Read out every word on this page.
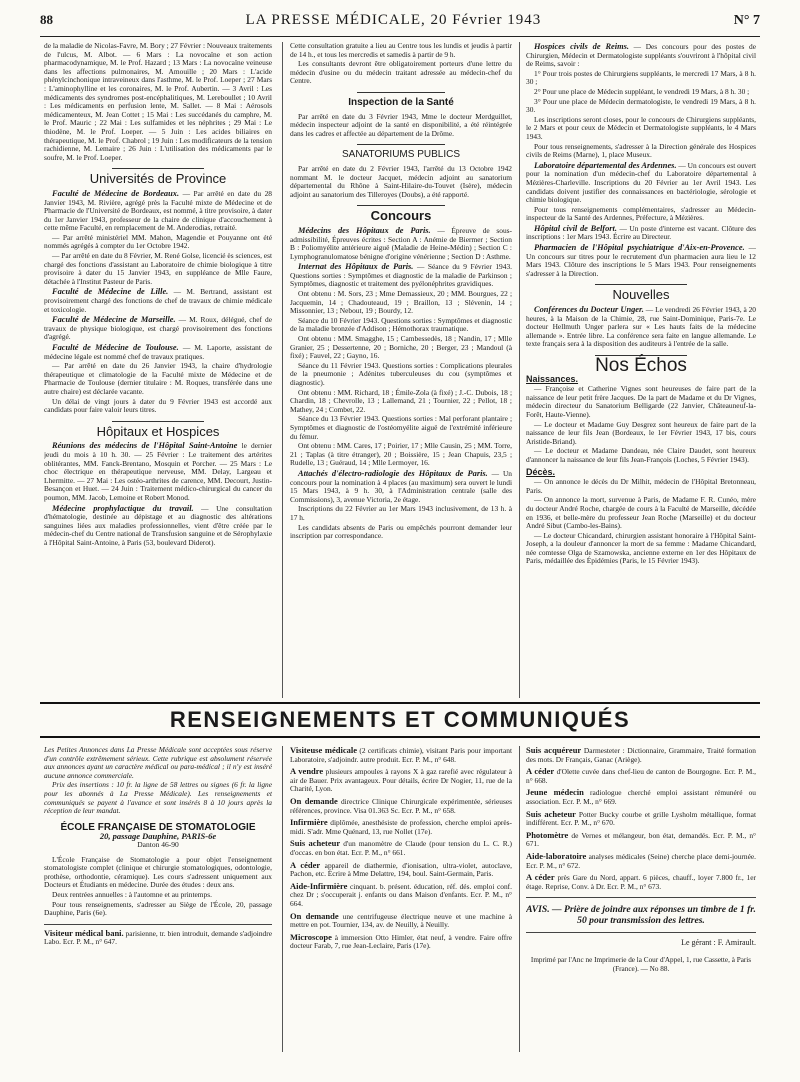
88	LA PRESSE MÉDICALE, 20 Février 1943	N° 7

de la maladie de Nicolas-Favre, M. Bory ; 27 Février : Nouveaux traitements de l'ulcus, M. Albot. — 6 Mars : La novocaïne et son action pharmacodynamique, M. le Prof. Hazard ; 13 Mars : La novocaïne veineuse dans les affections pulmonaires, M. Amouille ; 20 Mars : L'acide phénylcinchonique intraveineux dans l'asthme, M. le Prof. Loeper ; 27 Mars : L'aminophylline et les coronaires, M. le Prof. Aubertin. — 3 Avril : Les médicaments des syndromes post-encéphalitiques, M. Lereboullet ; 10 Avril : Les médicaments en perfusion lente, M. Sallet. — 8 Mai : Aérosols médicamenteux, M. Jean Cottet ; 15 Mai : Les succédanés du camphre, M. le Prof. Mauric ; 22 Mai : Les sulfamides et les néphrites ; 29 Mai : Le thiodène, M. le Prof. Loeper. — 5 Juin : Les acides biliaires en thérapeutique, M. le Prof. Chabrol ; 19 Juin : Les modificateurs de la tension rachidienne, M. Lemaire ; 26 Juin : L'utilisation des médicaments par le soufre, M. le Prof. Loeper.

Universités de Province

Faculté de Médecine de Bordeaux. — Par arrêté en date du 28 Janvier 1943, M. Rivière, agrégé près la Faculté mixte de Médecine et de Pharmacie de l'Université de Bordeaux, est nommé, à titre provisoire, à dater du 1er Janvier 1943, professeur de la chaire de clinique d'accouchement à cette même Faculté, en remplacement de M. Anderodias, retraité.

— Par arrêté ministériel MM. Mahon, Magendie et Pouyanne ont été nommés agrégés à compter du 1er Octobre 1942.

— Par arrêté en date du 8 Février, M. René Golse, licencié ès sciences, est chargé des fonctions d'assistant au Laboratoire de chimie biologique à titre provisoire à dater du 15 Janvier 1943, en suppléance de Mlle Faure, détachée à l'Institut Pasteur de Paris.

Faculté de Médecine de Lille. — M. Bertrand, assistant est provisoirement chargé des fonctions de chef de travaux de chimie médicale et toxicologie.

Faculté de Médecine de Marseille. — M. Roux, délégué, chef de travaux de physique biologique, est chargé provisoirement des fonctions d'agrégé.

Faculté de Médecine de Toulouse. — M. Laporte, assistant de médecine légale est nommé chef de travaux pratiques.

— Par arrêté en date du 26 Janvier 1943, la chaire d'hydrologie thérapeutique et climatologie de la Faculté mixte de Médecine et de Pharmacie de Toulouse (dernier titulaire : M. Roques, transférée dans une autre chaire) est déclarée vacante.

Un délai de vingt jours à dater du 9 Février 1943 est accordé aux candidats pour faire valoir leurs titres.

Hôpitaux et Hospices

Réunions des médecins de l'Hôpital Saint-Antoine le dernier jeudi du mois à 10 h. 30. — 25 Février : Le traitement des artérites oblitérantes, MM. Fanck-Brentano, Mosquin et Porcher. — 25 Mars : Le choc électrique en thérapeutique nerveuse, MM. Delay, Largeau et Lhermitte. — 27 Mai : Les ostéo-arthrites de carence, MM. Decourt, Justin-Besançon et Huet. — 24 Juin : Traitement médico-chirurgical du cancer du poumon, MM. Jacob, Lemoine et Robert Monod.

Médecine prophylactique du travail. — Une consultation d'hématologie, destinée au dépistage et au diagnostic des altérations sanguines liées aux maladies professionnelles, vient d'être créée par le médecin-chef du Centre national de Transfusion sanguine et de Sérophylaxie à l'Hôpital Saint-Antoine, à Paris (53, boulevard Diderot).

Cette consultation gratuite a lieu au Centre tous les lundis et jeudis à partir de 14 h., et tous les mercredis et samedis à partir de 9 h.

Les consultants devront être obligatoirement porteurs d'une lettre du médecin d'usine ou du médecin traitant adressée au médecin-chef du Centre.

Inspection de la Santé

Par arrêté en date du 3 Février 1943, Mme le docteur Merdguillet, médecin inspecteur adjoint de la santé en disponibilité, a été réintégrée dans les cadres et affectée au département de la Drôme.

SANATORIUMS PUBLICS

Par arrêté en date du 2 Février 1943, l'arrêté du 13 Octobre 1942 nommant M. le docteur Jacquet, médecin adjoint au sanatorium départemental du Rhône à Saint-Hilaire-du-Touvet (Isère), médecin adjoint au sanatorium des Tilleroyes (Doubs), a été rapporté.

Concours

Médecins des Hôpitaux de Paris. — Épreuve de sous-admissibilité, Épreuves écrites : Section A : Anémie de Biermer ; Section B : Poliomyélite antérieure aiguë (Maladie de Heine-Médin) ; Section C : Lymphogranulomatose bénigne d'origine vénérienne ; Section D : Asthme.

Internat des Hôpitaux de Paris. — Séance du 9 Février 1943. Questions sorties : Symptômes et diagnostic de la maladie de Parkinson ; Symptômes, diagnostic et traitement des pyélonéphrites gravidiques.

Ont obtenu : M. Sors, 23 ; Mme Demassieux, 20 ; MM. Bourgues, 22 ; Jacquemin, 14 ; Chadouteaud, 19 ; Braillon, 13 ; Slévenin, 14 ; Missonnier, 13 ; Nebout, 19 ; Bourdy, 12.

Séance du 10 Février 1943. Questions sorties : Symptômes et diagnostic de la maladie bronzée d'Addison ; Hémothorax traumatique.

Ont obtenu : MM. Smagghe, 15 ; Cambessedès, 18 ; Nandin, 17 ; Mlle Granier, 25 ; Dessertenne, 20 ; Borniche, 20 ; Berger, 23 ; Mandoul (à fixé) ; Fauvel, 22 ; Gayno, 16.

Séance du 11 Février 1943. Questions sorties : Complications pleurales de la pneumonie ; Adénites tuberculeuses du cou (symptômes et diagnostic).

Ont obtenu : MM. Richard, 18 ; Émile-Zola (à fixé) ; J.-C. Dubois, 18 ; Chardin, 18 ; Chevrolle, 13 ; Lallemand, 21 ; Tournier, 22 ; Pellot, 18 ; Mathey, 24 ; Combet, 22.

Séance du 13 Février 1943. Questions sorties : Mal perforant plantaire ; Symptômes et diagnostic de l'ostéomyélite aiguë de l'extrémité inférieure du fémur.

Ont obtenu : MM. Cares, 17 ; Poirier, 17 ; Mlle Causin, 25 ; MM. Torre, 21 ; Taplas (à titre étranger), 20 ; Boissière, 15 ; Jean Chapuis, 23,5 ; Rudelle, 13 ; Guéraud, 14 ; Mlle Lermoyer, 16.

Attachés d'électro-radiologie des Hôpitaux de Paris. — Un concours pour la nomination à 4 places (au maximum) sera ouvert le lundi 15 Mars 1943, à 9 h. 30, à l'Administration centrale (salle des Commissions), 3, avenue Victoria, 2e étage.

Inscriptions du 22 Février au 1er Mars 1943 inclusivement, de 13 h. à 17 h.

Les candidats absents de Paris ou empêchés pourront demander leur inscription par correspondance.

Hospices civils de Reims. — Des concours pour des postes de Chirurgien, Médecin et Dermatologiste suppléants s'ouvriront à l'hôpital civil de Reims, savoir :

1° Pour trois postes de Chirurgiens suppléants, le mercredi 17 Mars, à 8 h. 30 ;

2° Pour une place de Médecin suppléant, le vendredi 19 Mars, à 8 h. 30 ;

3° Pour une place de Médecin dermatologiste, le vendredi 19 Mars, à 8 h. 30.

Les inscriptions seront closes, pour le concours de Chirurgiens suppléants, le 2 Mars et pour ceux de Médecin et Dermatologiste suppléants, le 4 Mars 1943.

Pour tous renseignements, s'adresser à la Direction générale des Hospices civils de Reims (Marne), 1, place Museux.

Laboratoire départemental des Ardennes. — Un concours est ouvert pour la nomination d'un médecin-chef du Laboratoire départemental à Mézières-Charleville. Inscriptions du 20 Février au 1er Avril 1943. Les candidats doivent justifier des connaissances en bactériologie, sérologie et chimie biologique.

Pour tous renseignements complémentaires, s'adresser au Médecin-inspecteur de la Santé des Ardennes, Préfecture, à Mézières.

Hôpital civil de Belfort. — Un poste d'interne est vacant. Clôture des inscriptions : 1er Mars 1943. Écrire au Directeur.

Pharmacien de l'Hôpital psychiatrique d'Aix-en-Provence. — Un concours sur titres pour le recrutement d'un pharmacien aura lieu le 12 Mars 1943. Clôture des inscriptions le 5 Mars 1943. Pour renseignements s'adresser à la Direction.

Nouvelles

Conférences du Docteur Unger. — Le vendredi 26 Février 1943, à 20 heures, à la Maison de la Chimie, 28, rue Saint-Dominique, Paris-7e. Le docteur Hellmuth Unger parlera sur « Les hauts faits de la médecine allemande ». Entrée libre. La conférence sera faite en langue allemande. Le texte français sera à la disposition des auditeurs à l'entrée de la salle.

Nos Échos
Naissances.

— Françoise et Catherine Vignes sont heureuses de faire part de la naissance de leur petit frère Jacques. De la part de Madame et du Dr Vignes, médecin directeur du Sanatorium Belligarde (22 Janvier, Châteauneuf-la-Forêt, Haute-Vienne).

— Le docteur et Madame Guy Desgrez sont heureux de faire part de la naissance de leur fils Jean (Bordeaux, le 1er Février 1943, 17 bis, cours Aristide-Briand).

— Le docteur et Madame Dandeau, née Claire Daudet, sont heureux d'annoncer la naissance de leur fils Jean-François (Loches, 5 Février 1943).

Décès.

— On annonce le décès du Dr Milhit, médecin de l'Hôpital Bretonneau, Paris.

— On annonce la mort, survenue à Paris, de Madame F. R. Cunéo, mère du docteur André Roche, chargée de cours à la Faculté de Marseille, décédée en 1936, et belle-mère du professeur Jean Roche (Marseille) et du docteur André Sibut (Cambo-les-Bains).

— Le docteur Chicandard, chirurgien assistant honoraire à l'Hôpital Saint-Joseph, a la douleur d'annoncer la mort de sa femme : Madame Chicandard, née comtesse Olga de Szamowska, ancienne externe en 1er des Hôpitaux de Paris, médaillée des Épidémies (Paris, le 15 Février 1943).

RENSEIGNEMENTS ET COMMUNIQUÉS

Les Petites Annonces dans La Presse Médicale sont acceptées sous réserve d'un contrôle extrêmement sérieux. Cette rubrique est absolument réservée aux annonces ayant un caractère médical ou para-médical ; il n'y est inséré aucune annonce commerciale.

Prix des insertions : 10 fr. la ligne de 58 lettres ou signes (6 fr. la ligne pour les abonnés à La Presse Médicale). Les renseignements et communiqués se payent à l'avance et sont insérés 8 à 10 jours après la réception de leur mandat.

ÉCOLE FRANÇAISE DE STOMATOLOGIE
20, passage Dauphine, PARIS-6e
Danton 46-90

L'École Française de Stomatologie a pour objet l'enseignement stomatologiste complet (clinique et chirurgie stomatologiques, odontologie, prothèse, orthodontie, céramique). Les cours s'adressent uniquement aux Docteurs et Étudiants en médecine. Durée des études : deux ans.

Deux rentrées annuelles : à l'automne et au printemps.

Pour tous renseignements, s'adresser au Siège de l'École, 20, passage Dauphine, Paris (6e).

Visiteur médical bani. parisienne, tr. bien introduit, demande s'adjoindre Labo. Ecr. P. M., n° 647.

Visiteuse médicale (2 certificats chimie), visitant Paris pour important Laboratoire, s'adjoindr. autre produit. Ecr. P. M., n° 648.

A vendre plusieurs ampoules à rayons X à gaz rarefié avec régulateur à air de Bauer. Prix avantageux. Pour détails, écrire Dr Nogier, 11, rue de la Charité, Lyon.

On demande directrice Clinique Chirurgicale expérimentée, sérieuses références, province. Visa 01.363 Sc. Ecr. P. M., n° 658.

Infirmière diplômée, anesthésiste de profession, cherche emploi après-midi. S'adr. Mme Quénard, 13, rue Nollet (17e).

Suis acheteur d'un manomètre de Claude (pour tension du L. C. R.) d'occas. en bon état. Ecr. P. M., n° 661.

A céder appareil de diathermie, d'ionisation, ultra-violet, autoclave, Pachon, etc. Écrire à Mme Delattre, 194, boul. Saint-Germain, Paris.

Aide-Infirmière cinquant. b. présent. éducation, réf. dés. emploi conf. chez Dr ; s'occuperait j. enfants ou dans Maison d'enfants. Ecr. P. M., n° 664.

On demande une centrifugeuse électrique neuve et une machine à mettre en pot. Tournier, 134, av. de Neuilly, à Neuilly.

Microscope à immersion Otto Himler, état neuf, à vendre. Faire offre docteur Farab, 7, rue Jean-Leclaire, Paris (17e).

Suis acquéreur Darmesteter : Dictionnaire, Grammaire, Traité formation des mots. Dr Français, Ganac (Ariège).

A céder d'Olette cuvée dans chef-lieu de canton de Bourgogne. Ecr. P. M., n° 668.

Jeune médecin radiologue cherché emploi assistant rémunéré ou association. Ecr. P. M., n° 669.

Suis acheteur Potter Bucky courbe et grille Lysholm métallique, format indifférent. Ecr. P. M., n° 670.

Photomètre de Vernes et mélangeur, bon état, demandés. Ecr. P. M., n° 671.

Aide-laboratoire analyses médicales (Seine) cherche place demi-journée. Ecr. P. M., n° 672.

A céder près Gare du Nord, appart. 6 pièces, chauff., loyer 7.800 fr., 1er étage. Reprise, Conv. à Dr. Ecr. P. M., n° 673.

AVIS. — Prière de joindre aux réponses un timbre de 1 fr. 50 pour transmission des lettres.
Le gérant : F. Amirault.
Imprimé par l'Anc ne Imprimerie de la Cour d'Appel, 1, rue Cassette, à Paris (France). — No 88.
